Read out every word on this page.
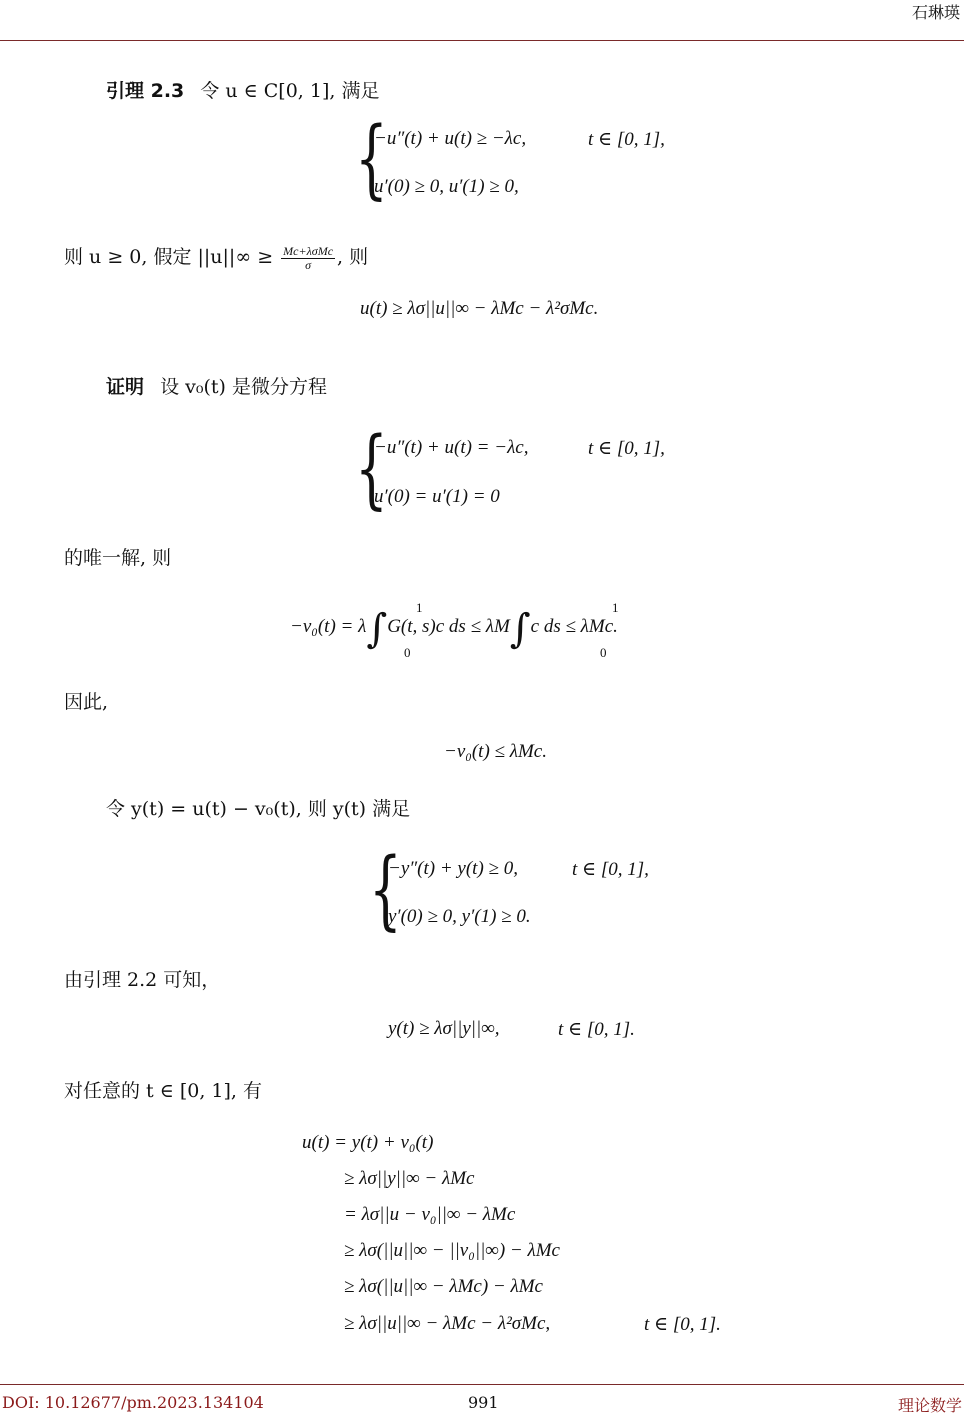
石琳瑛
引理 2.3 令 u ∈ C[0, 1], 满足
{
−u″(t) + u(t) ≥ −λc,	t ∈ [0, 1],
u′(0) ≥ 0, u′(1) ≥ 0,
则 u ≥ 0, 假定 $||u||\infty \ge \frac{\text{Mc+λσMc}}{\sigma}$ , 则
u(t) ≥ λσ||u||∞ − λMc − λ²σMc.
证明 设 v₀(t) 是微分方程
{
−u″(t) + u(t) = −λc,	t ∈ [0, 1],
u′(0) = u′(1) = 0
的唯一解, 则
−v₀(t) = λ∫G(t, s)c ds ≤ λM∫c ds ≤ λMc.
1
0
1
0
因此,
−v₀(t) ≤ λMc.
令 y(t) = u(t) − v₀(t), 则 y(t) 满足
{
−y″(t) + y(t) ≥ 0,	t ∈ [0, 1],
y′(0) ≥ 0, y′(1) ≥ 0.
由引理 2.2 可知，
y(t) ≥ λσ||y||∞,	t ∈ [0, 1].
对任意的 t ∈ [0, 1], 有
u(t) = y(t) + v₀(t)
≥ λσ||y||∞ − λMc
= λσ||u − v₀||∞ − λMc
≥ λσ(||u||∞ − ||v₀||∞) − λMc
≥ λσ(||u||∞ − λMc) − λMc
≥ λσ||u||∞ − λMc − λ²σMc,	t ∈ [0, 1].
DOI: 10.12677/pm.2023.134104	991	理论数学
